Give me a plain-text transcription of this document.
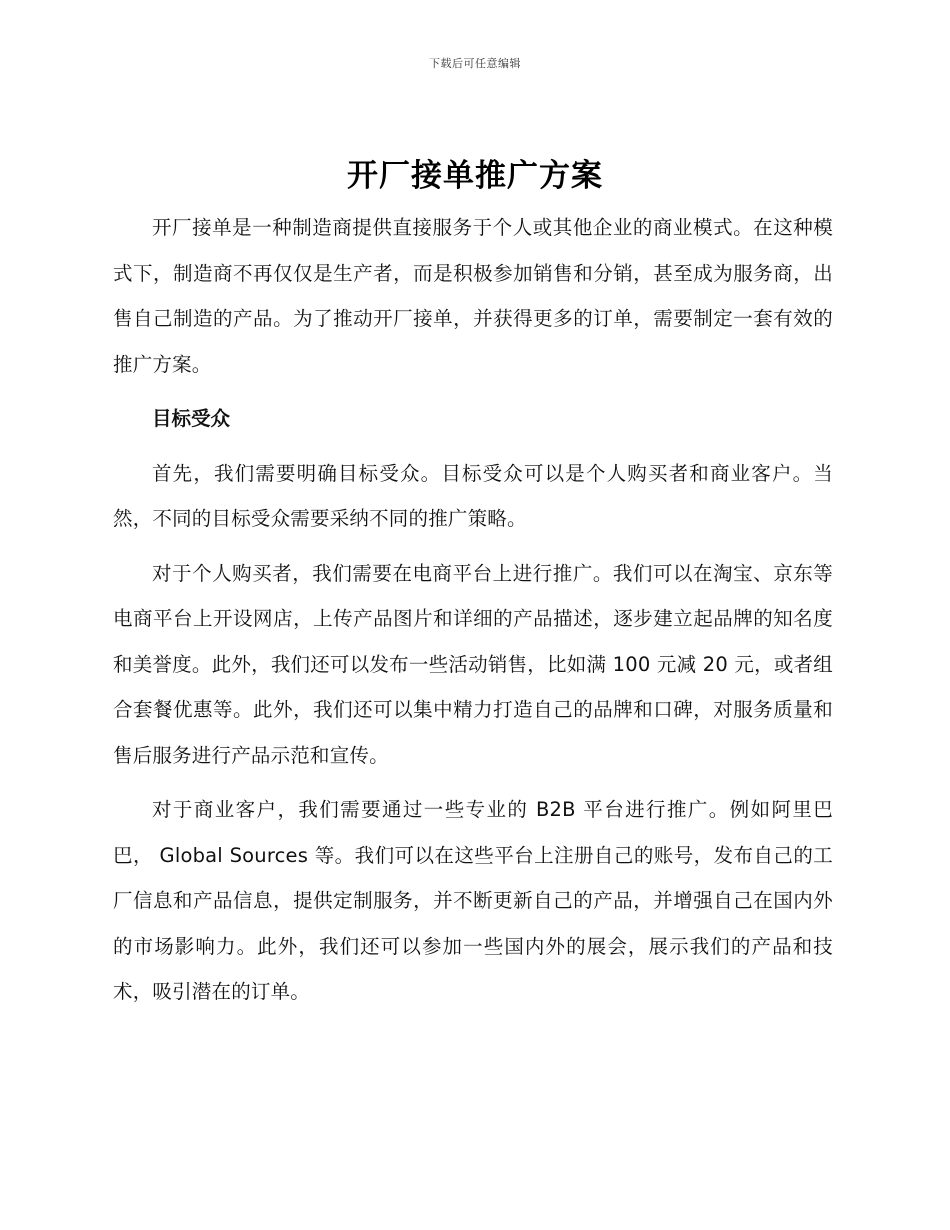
下载后可任意编辑
开厂接单推广方案

开厂接单是一种制造商提供直接服务于个人或其他企业的商业模式。在这种模式下，制造商不再仅仅是生产者，而是积极参加销售和分销，甚至成为服务商，出售自己制造的产品。为了推动开厂接单，并获得更多的订单，需要制定一套有效的推广方案。

目标受众

首先，我们需要明确目标受众。目标受众可以是个人购买者和商业客户。当然，不同的目标受众需要采纳不同的推广策略。

对于个人购买者，我们需要在电商平台上进行推广。我们可以在淘宝、京东等电商平台上开设网店，上传产品图片和详细的产品描述，逐步建立起品牌的知名度和美誉度。此外，我们还可以发布一些活动销售，比如满 100 元减 20 元，或者组合套餐优惠等。此外，我们还可以集中精力打造自己的品牌和口碑，对服务质量和售后服务进行产品示范和宣传。

对于商业客户，我们需要通过一些专业的 B2B 平台进行推广。例如阿里巴巴， Global Sources 等。我们可以在这些平台上注册自己的账号，发布自己的工厂信息和产品信息，提供定制服务，并不断更新自己的产品，并增强自己在国内外的市场影响力。此外，我们还可以参加一些国内外的展会，展示我们的产品和技术，吸引潜在的订单。
